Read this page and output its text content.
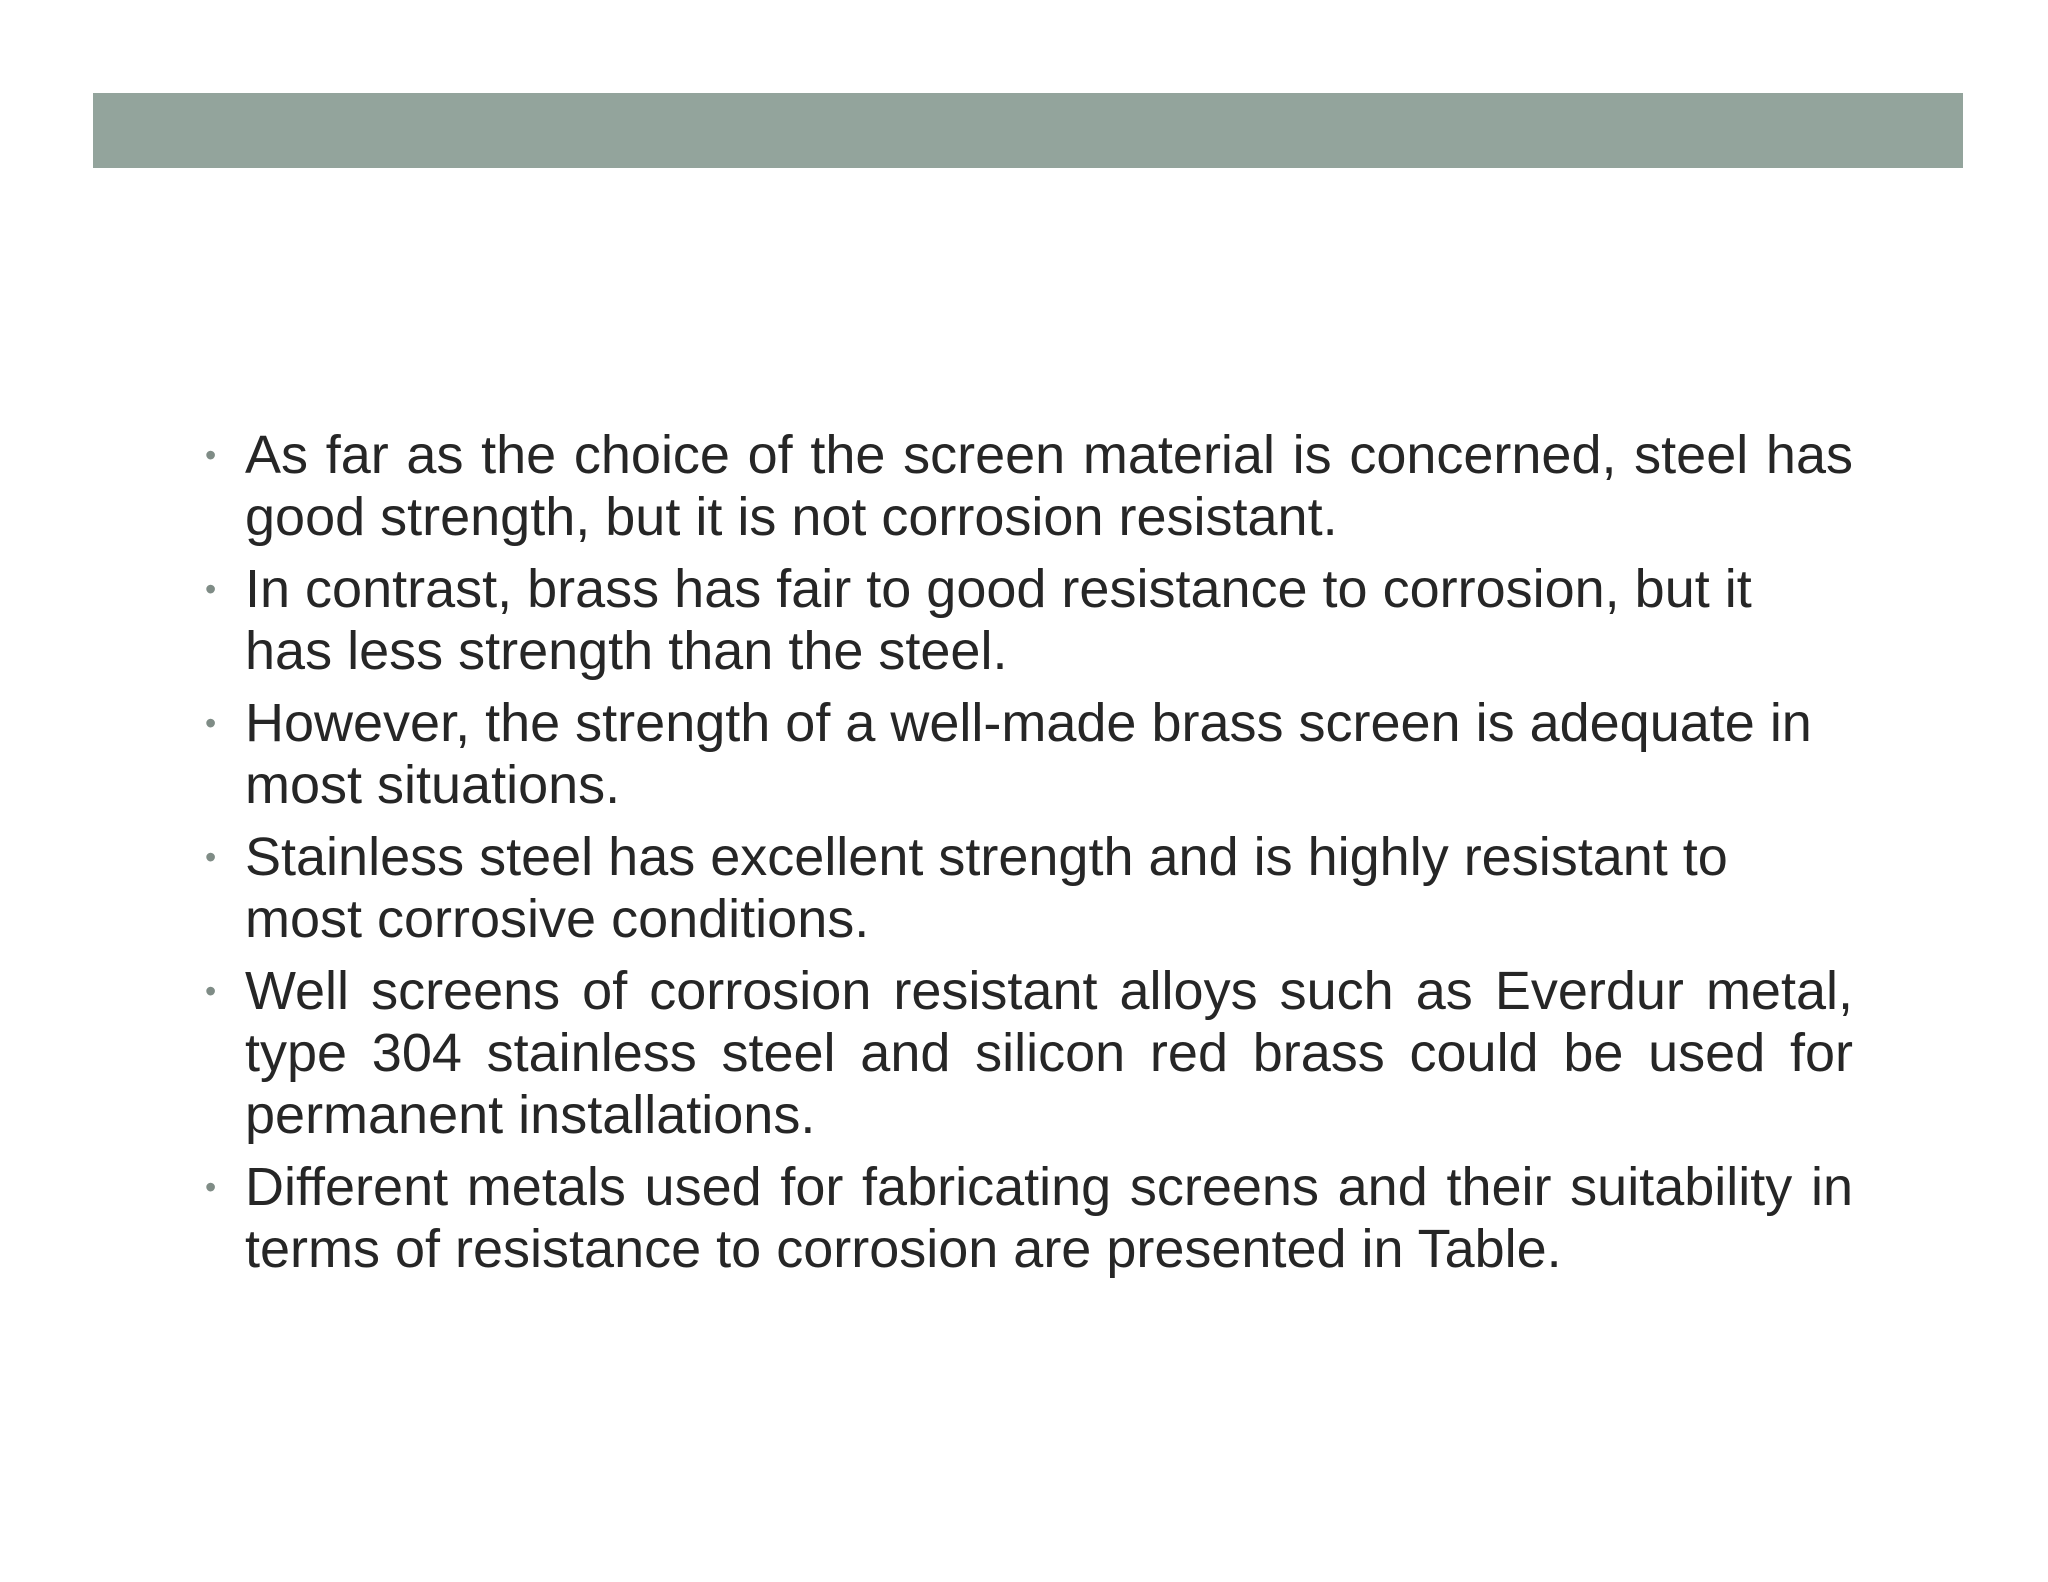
• As far as the choice of the screen material is concerned, steel has good strength, but it is not corrosion resistant.
• In contrast, brass has fair to good resistance to corrosion, but it has less strength than the steel.
• However, the strength of a well-made brass screen is adequate in most situations.
• Stainless steel has excellent strength and is highly resistant to most corrosive conditions.
• Well screens of corrosion resistant alloys such as Everdur metal, type 304 stainless steel and silicon red brass could be used for permanent installations.
• Different metals used for fabricating screens and their suitability in terms of resistance to corrosion are presented in Table.
